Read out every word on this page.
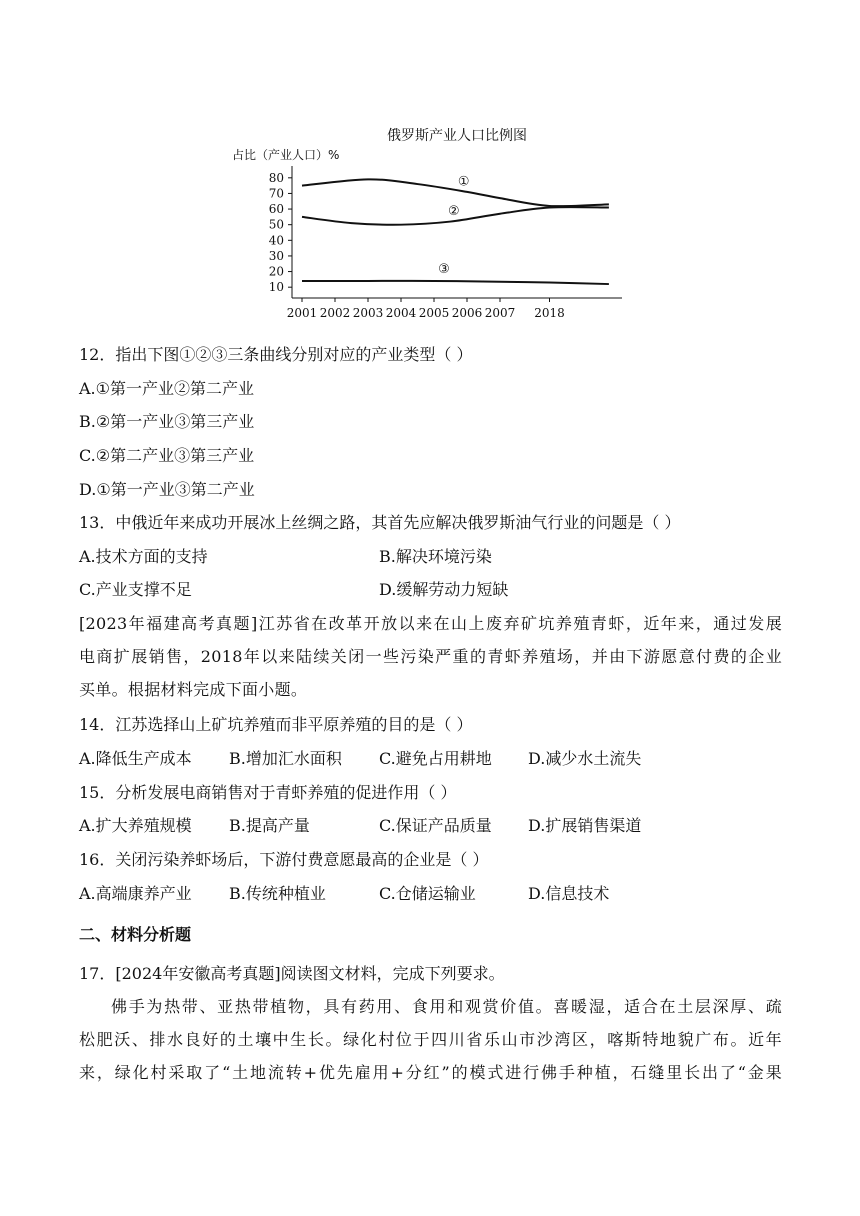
俄罗斯产业人口比例图
占比（产业人口）%
10
20
30
40
50
60
70
80
2001 2002 2003 2004 2005 2006 2007 2018
①
②
③
12．指出下图①②③三条曲线分别对应的产业类型（ ）
A.①第一产业②第二产业
B.②第一产业③第三产业
C.②第二产业③第三产业
D.①第一产业③第二产业
13．中俄近年来成功开展冰上丝绸之路，其首先应解决俄罗斯油气行业的问题是（ ）
A.技术方面的支持	B.解决环境污染
C.产业支撑不足	D.缓解劳动力短缺
[2023年福建高考真题]江苏省在改革开放以来在山上废弃矿坑养殖青虾，近年来，通过发展
电商扩展销售，2018年以来陆续关闭一些污染严重的青虾养殖场，并由下游愿意付费的企业
买单。根据材料完成下面小题。
14．江苏选择山上矿坑养殖而非平原养殖的目的是（ ）
A.降低生产成本 B.增加汇水面积 C.避免占用耕地 D.减少水土流失
15．分析发展电商销售对于青虾养殖的促进作用（ ）
A.扩大养殖规模 B.提高产量	C.保证产品质量 D.扩展销售渠道
16．关闭污染养虾场后，下游付费意愿最高的企业是（ ）
A.高端康养产业 B.传统种植业	C.仓储运输业	D.信息技术
二、材料分析题
17．[2024年安徽高考真题]阅读图文材料，完成下列要求。
佛手为热带、亚热带植物，具有药用、食用和观赏价值。喜暖湿，适合在土层深厚、疏
松肥沃、排水良好的土壤中生长。绿化村位于四川省乐山市沙湾区，喀斯特地貌广布。近年
来，绿化村采取了“土地流转+优先雇用+分红”的模式进行佛手种植，石缝里长出了“金果
